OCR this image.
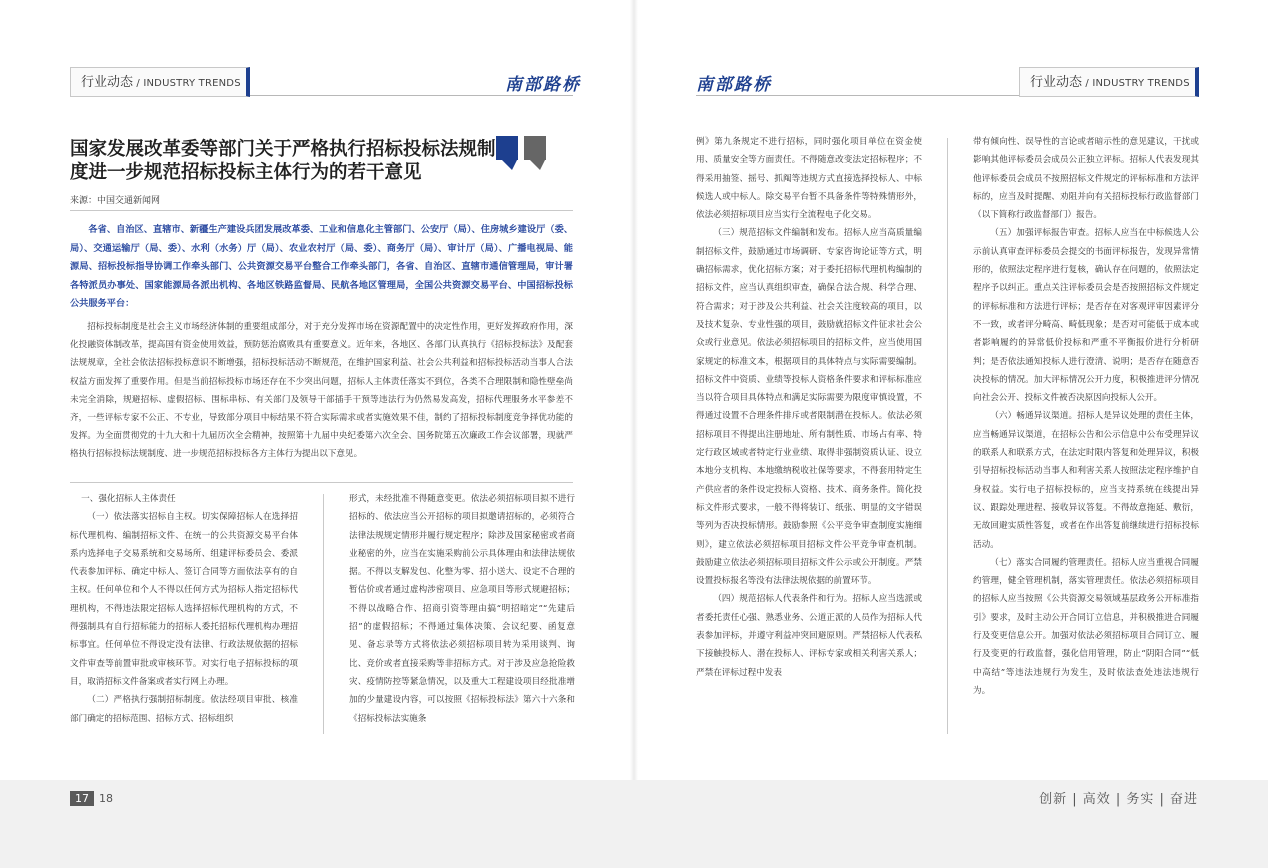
行业动态 / INDUSTRY TRENDS	南部路桥	南部路桥	行业动态 / INDUSTRY TRENDS
国家发展改革委等部门关于严格执行招标投标法规制度进一步规范招标投标主体行为的若干意见
来源：中国交通新闻网
各省、自治区、直辖市、新疆生产建设兵团发展改革委、工业和信息化主管部门、公安厅（局）、住房城乡建设厅（委、局）、交通运输厅（局、委）、水利（水务）厅（局）、农业农村厅（局、委）、商务厅（局）、审计厅（局）、广播电视局、能源局、招标投标指导协调工作牵头部门、公共资源交易平台整合工作牵头部门，各省、自治区、直辖市通信管理局，审计署各特派员办事处、国家能源局各派出机构、各地区铁路监督局、民航各地区管理局，全国公共资源交易平台、中国招标投标公共服务平台：
招标投标制度是社会主义市场经济体制的重要组成部分，对于充分发挥市场在资源配置中的决定性作用，更好发挥政府作用，深化投融资体制改革，提高国有资金使用效益，预防惩治腐败具有重要意义。近年来，各地区、各部门认真执行《招标投标法》及配套法规规章，全社会依法招标投标意识不断增强，招标投标活动不断规范，在维护国家利益、社会公共利益和招标投标活动当事人合法权益方面发挥了重要作用。但是当前招标投标市场还存在不少突出问题，招标人主体责任落实不到位，各类不合理限制和隐性壁垒尚未完全消除，规避招标、虚假招标、围标串标、有关部门及领导干部插手干预等违法行为仍然易发高发，招标代理服务水平参差不齐，一些评标专家不公正、不专业，导致部分项目中标结果不符合实际需求或者实施效果不佳，制约了招标投标制度竞争择优功能的发挥。为全面贯彻党的十九大和十九届历次全会精神，按照第十九届中央纪委第六次全会、国务院第五次廉政工作会议部署，现就严格执行招标投标法规制度、进一步规范招标投标各方主体行为提出以下意见。

一、强化招标人主体责任

（一）依法落实招标自主权。切实保障招标人在选择招标代理机构、编制招标文件、在统一的公共资源交易平台体系内选择电子交易系统和交易场所、组建评标委员会、委派代表参加评标、确定中标人、签订合同等方面依法享有的自主权。任何单位和个人不得以任何方式为招标人指定招标代理机构，不得违法限定招标人选择招标代理机构的方式，不得强制具有自行招标能力的招标人委托招标代理机构办理招标事宜。任何单位不得设定没有法律、行政法规依据的招标文件审查等前置审批或审核环节。对实行电子招标投标的项目，取消招标文件备案或者实行网上办理。

（二）严格执行强制招标制度。依法经项目审批、核准部门确定的招标范围、招标方式、招标组织

形式，未经批准不得随意变更。依法必须招标项目拟不进行招标的、依法应当公开招标的项目拟邀请招标的，必须符合法律法规规定情形并履行规定程序；除涉及国家秘密或者商业秘密的外，应当在实施采购前公示具体理由和法律法规依据。不得以支解发包、化整为零、招小送大、设定不合理的暂估价或者通过虚构涉密项目、应急项目等形式规避招标；不得以战略合作、招商引资等理由搞“明招暗定”“先建后招”的虚假招标；不得通过集体决策、会议纪要、函复意见、备忘录等方式将依法必须招标项目转为采用谈判、询比、竞价或者直接采购等非招标方式。对于涉及应急抢险救灾、疫情防控等紧急情况，以及重大工程建设项目经批准增加的少量建设内容，可以按照《招标投标法》第六十六条和《招标投标法实施条

例》第九条规定不进行招标，同时强化项目单位在资金使用、质量安全等方面责任。不得随意改变法定招标程序；不得采用抽签、摇号、抓阄等违规方式直接选择投标人、中标候选人或中标人。除交易平台暂不具备条件等特殊情形外，依法必须招标项目应当实行全流程电子化交易。

（三）规范招标文件编制和发布。招标人应当高质量编制招标文件，鼓励通过市场调研、专家咨询论证等方式，明确招标需求，优化招标方案；对于委托招标代理机构编制的招标文件，应当认真组织审查，确保合法合规、科学合理、符合需求；对于涉及公共利益、社会关注度较高的项目，以及技术复杂、专业性强的项目，鼓励就招标文件征求社会公众或行业意见。依法必须招标项目的招标文件，应当使用国家规定的标准文本，根据项目的具体特点与实际需要编制。招标文件中资质、业绩等投标人资格条件要求和评标标准应当以符合项目具体特点和满足实际需要为限度审慎设置，不得通过设置不合理条件排斥或者限制潜在投标人。依法必须招标项目不得提出注册地址、所有制性质、市场占有率、特定行政区域或者特定行业业绩、取得非强制资质认证、设立本地分支机构、本地缴纳税收社保等要求，不得套用特定生产供应者的条件设定投标人资格、技术、商务条件。简化投标文件形式要求，一般不得将装订、纸张、明显的文字错误等列为否决投标情形。鼓励参照《公平竞争审查制度实施细则》，建立依法必须招标项目招标文件公平竞争审查机制。鼓励建立依法必须招标项目招标文件公示或公开制度。严禁设置投标报名等没有法律法规依据的前置环节。

（四）规范招标人代表条件和行为。招标人应当选派或者委托责任心强、熟悉业务、公道正派的人员作为招标人代表参加评标，并遵守利益冲突回避原则。严禁招标人代表私下接触投标人、潜在投标人、评标专家或相关利害关系人；严禁在评标过程中发表

带有倾向性、误导性的言论或者暗示性的意见建议，干扰或影响其他评标委员会成员公正独立评标。招标人代表发现其他评标委员会成员不按照招标文件规定的评标标准和方法评标的，应当及时提醒、劝阻并向有关招标投标行政监督部门（以下简称行政监督部门）报告。

（五）加强评标报告审查。招标人应当在中标候选人公示前认真审查评标委员会提交的书面评标报告，发现异常情形的，依照法定程序进行复核，确认存在问题的，依照法定程序予以纠正。重点关注评标委员会是否按照招标文件规定的评标标准和方法进行评标；是否存在对客观评审因素评分不一致，或者评分畸高、畸低现象；是否对可能低于成本或者影响履约的异常低价投标和严重不平衡报价进行分析研判；是否依法通知投标人进行澄清、说明；是否存在随意否决投标的情况。加大评标情况公开力度，积极推进评分情况向社会公开、投标文件被否决原因向投标人公开。

（六）畅通异议渠道。招标人是异议处理的责任主体，应当畅通异议渠道，在招标公告和公示信息中公布受理异议的联系人和联系方式，在法定时限内答复和处理异议，积极引导招标投标活动当事人和利害关系人按照法定程序维护自身权益。实行电子招标投标的，应当支持系统在线提出异议、跟踪处理进程、接收异议答复。不得故意拖延、敷衍，无故回避实质性答复，或者在作出答复前继续进行招标投标活动。

（七）落实合同履约管理责任。招标人应当重视合同履约管理，健全管理机制，落实管理责任。依法必须招标项目的招标人应当按照《公共资源交易领域基层政务公开标准指引》要求，及时主动公开合同订立信息，并积极推进合同履行及变更信息公开。加强对依法必须招标项目合同订立、履行及变更的行政监督，强化信用管理，防止“阴阳合同”“低中高结”等违法违规行为发生，及时依法查处违法违规行为。

17 18	创新 | 高效 | 务实 | 奋进
